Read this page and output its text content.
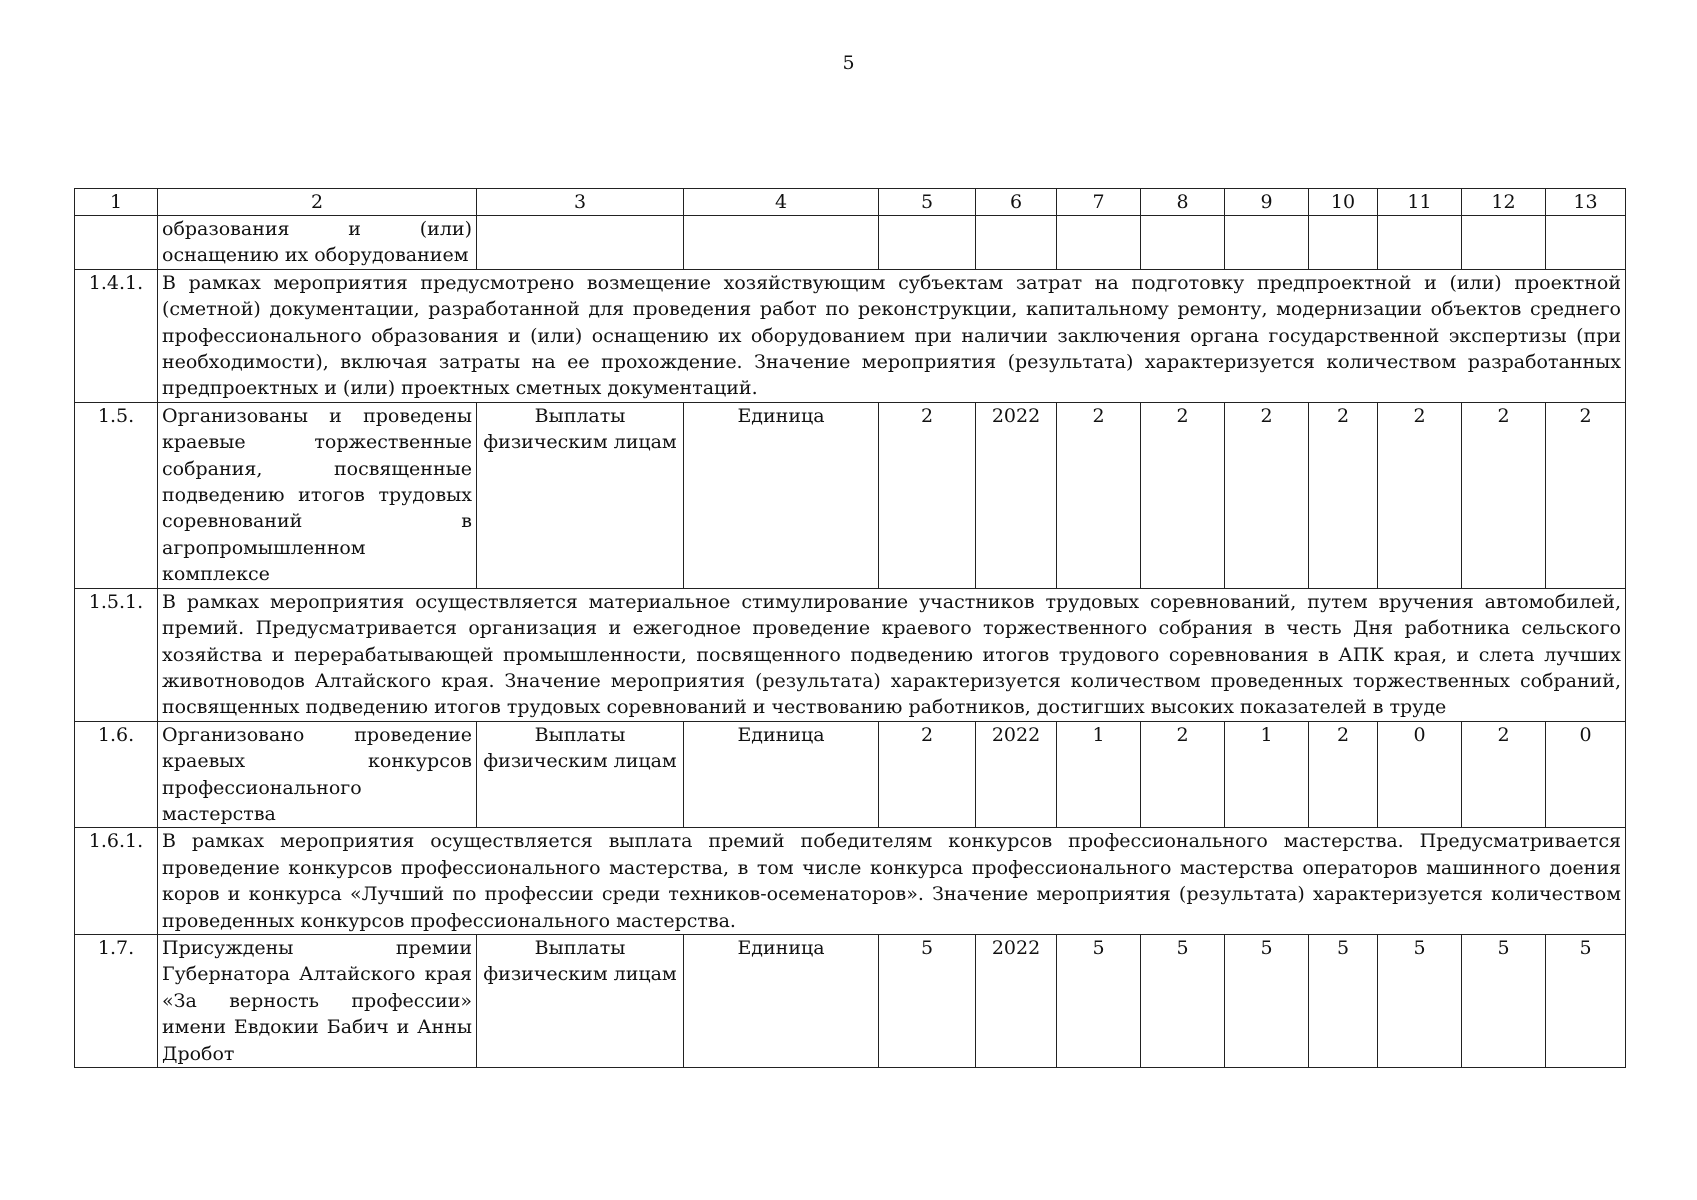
5
1	2	3	4	5	6	7	8	9	10	11	12	13
	образования и (или) оснащению их оборудованием											
1.4.1.	В рамках мероприятия предусмотрено возмещение хозяйствующим субъектам затрат на подготовку предпроектной и (или) проектной (сметной) документации, разработанной для проведения работ по реконструкции, капитальному ремонту, модернизации объектов среднего профессионального образования и (или) оснащению их оборудованием при наличии заключения органа государственной экспертизы (при необходимости), включая затраты на ее прохождение. Значение мероприятия (результата) характеризуется количеством разработанных предпроектных и (или) проектных сметных документаций.											
1.5.	Организованы и проведены краевые торжественные собрания, посвященные подведению итогов трудовых соревнований в агропромышленном комплексе	Выплаты физическим лицам	Единица	2	2022	2	2	2	2	2	2	2
1.5.1.	В рамках мероприятия осуществляется материальное стимулирование участников трудовых соревнований, путем вручения автомобилей, премий. Предусматривается организация и ежегодное проведение краевого торжественного собрания в честь Дня работника сельского хозяйства и перерабатывающей промышленности, посвященного подведению итогов трудового соревнования в АПК края, и слета лучших животноводов Алтайского края. Значение мероприятия (результата) характеризуется количеством проведенных торжественных собраний, посвященных подведению итогов трудовых соревнований и чествованию работников, достигших высоких показателей в труде											
1.6.	Организовано проведение краевых конкурсов профессионального мастерства	Выплаты физическим лицам	Единица	2	2022	1	2	1	2	0	2	0
1.6.1.	В рамках мероприятия осуществляется выплата премий победителям конкурсов профессионального мастерства. Предусматривается проведение конкурсов профессионального мастерства, в том числе конкурса профессионального мастерства операторов машинного доения коров и конкурса «Лучший по профессии среди техников-осеменаторов». Значение мероприятия (результата) характеризуется количеством проведенных конкурсов профессионального мастерства.											
1.7.	Присуждены премии Губернатора Алтайского края «За верность профессии» имени Евдокии Бабич и Анны Дробот	Выплаты физическим лицам	Единица	5	2022	5	5	5	5	5	5	5
